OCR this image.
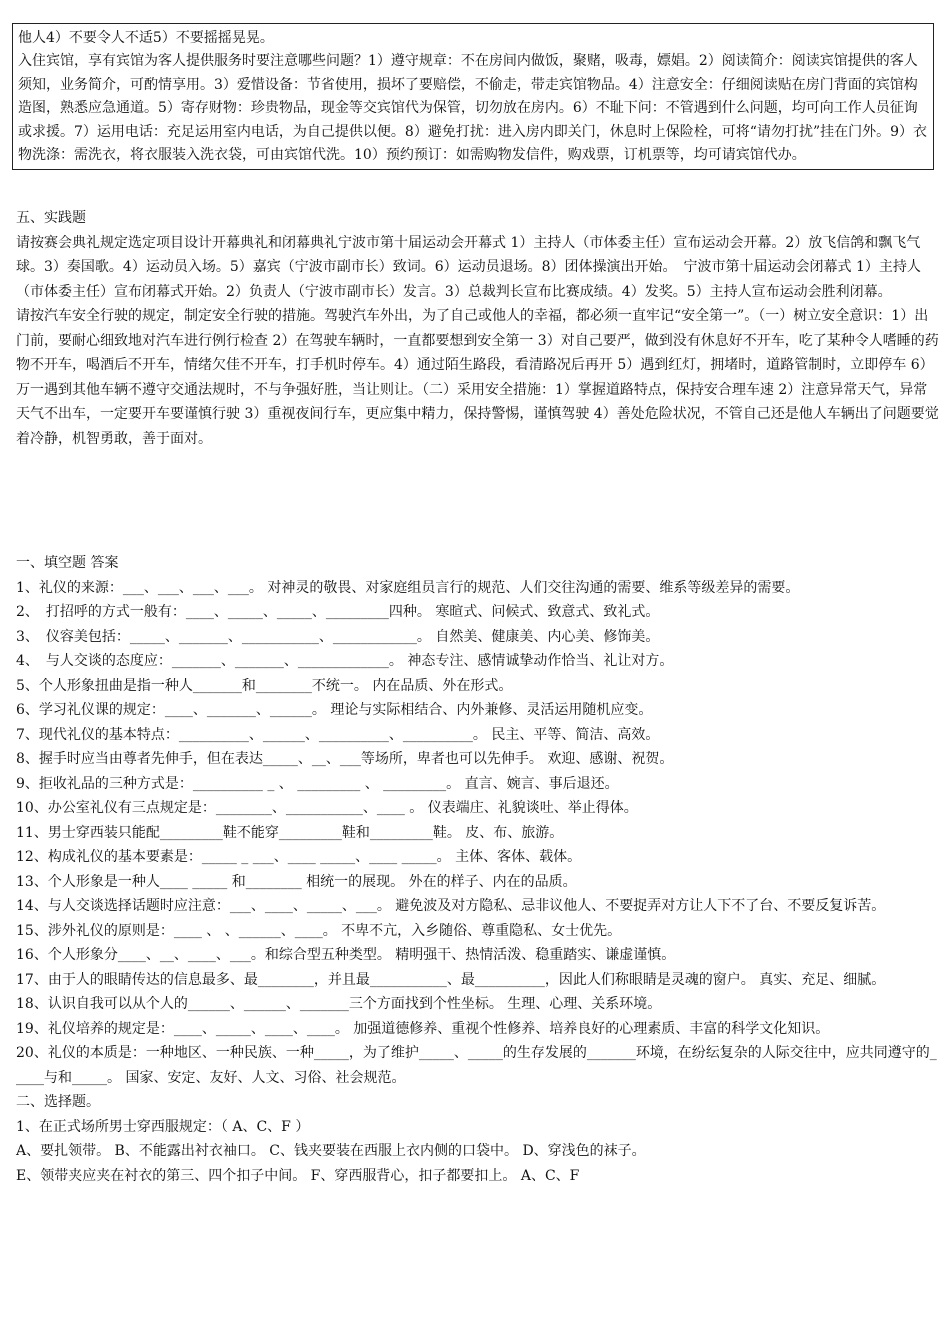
他人4）不要令人不适5）不要摇摇晃晃。

入住宾馆，享有宾馆为客人提供服务时要注意哪些问题？1）遵守规章：不在房间内做饭，聚赌，吸毒，嫖娼。2）阅读简介：阅读宾馆提供的客人须知，业务简介，可酌情享用。3）爱惜设备：节省使用，损坏了要赔偿，不偷走，带走宾馆物品。4）注意安全：仔细阅读贴在房门背面的宾馆构造图，熟悉应急通道。5）寄存财物：珍贵物品，现金等交宾馆代为保管，切勿放在房内。6）不耻下问：不管遇到什么问题，均可向工作人员征询或求援。7）运用电话：充足运用室内电话，为自己提供以便。8）避免打扰：进入房内即关门，休息时上保险栓，可将“请勿打扰”挂在门外。9）衣物洗涤：需洗衣，将衣服装入洗衣袋，可由宾馆代洗。10）预约预订：如需购物发信件，购戏票，订机票等，均可请宾馆代办。

五、实践题

请按赛会典礼规定选定项目设计开幕典礼和闭幕典礼宁波市第十届运动会开幕式 1）主持人（市体委主任）宣布运动会开幕。2）放飞信鸽和飘飞气球。3）奏国歌。4）运动员入场。5）嘉宾（宁波市副市长）致词。6）运动员退场。8）团体操演出开始。　宁波市第十届运动会闭幕式 1）主持人（市体委主任）宣布闭幕式开始。2）负责人（宁波市副市长）发言。3）总裁判长宣布比赛成绩。4）发奖。5）主持人宣布运动会胜利闭幕。

请按汽车安全行驶的规定，制定安全行驶的措施。驾驶汽车外出，为了自己或他人的幸福，都必须一直牢记“安全第一”。（一）树立安全意识：1）出门前，要耐心细致地对汽车进行例行检查 2）在驾驶车辆时，一直都要想到安全第一 3）对自己要严，做到没有休息好不开车，吃了某种令人嗜睡的药物不开车，喝酒后不开车，情绪欠佳不开车，打手机时停车。4）通过陌生路段，看清路况后再开 5）遇到红灯，拥堵时，道路管制时，立即停车 6）万一遇到其他车辆不遵守交通法规时，不与争强好胜，当让则让。（二）采用安全措施：1）掌握道路特点，保持安合理车速 2）注意异常天气，异常天气不出车，一定要开车要谨慎行驶 3）重视夜间行车，更应集中精力，保持警惕，谨慎驾驶 4）善处危险状况，不管自己还是他人车辆出了问题要觉着冷静，机智勇敢，善于面对。

一、填空题 答案

1、礼仪的来源：___、___、___、___。 对神灵的敬畏、对家庭组员言行的规范、人们交往沟通的需要、维系等级差异的需要。

2、　打招呼的方式一般有：____、_____、_____、_________四种。 寒暄式、问候式、致意式、致礼式。

3、　仪容美包括：_____、_______、___________、____________。 自然美、健康美、内心美、修饰美。

4、　与人交谈的态度应：_______、_______、_____________。 神态专注、感情诚挚动作恰当、礼让对方。

5、个人形象扭曲是指一种人_______和________不统一。 内在品质、外在形式。

6、学习礼仪课的规定：____、_______、______。 理论与实际相结合、内外兼修、灵活运用随机应变。

7、现代礼仪的基本特点：__________、______、__________、__________。 民主、平等、简洁、高效。

8、握手时应当由尊者先伸手，但在表达_____、__、___等场所，卑者也可以先伸手。 欢迎、感谢、祝贺。

9、拒收礼品的三种方式是：__________ _ 、 _________ 、 _________。 直言、婉言、事后退还。

10、办公室礼仪有三点规定是：________、___________、____ 。 仪表端庄、礼貌谈吐、举止得体。

11、男士穿西装只能配_________鞋不能穿_________鞋和_________鞋。 皮、布、旅游。

12、构成礼仪的基本要素是：_____ _ ___、____ _____、____ _____。 主体、客体、载体。

13、个人形象是一种人____ _____ 和________ 相统一的展现。 外在的样子、内在的品质。

14、与人交谈选择话题时应注意：___、____、_____、___。 避免波及对方隐私、忌非议他人、不要捉弄对方让人下不了台、不要反复诉苦。

15、涉外礼仪的原则是：____ 、 、______、____。 不卑不亢，入乡随俗、尊重隐私、女士优先。

16、个人形象分____、__、____、___。和综合型五种类型。 精明强干、热情活泼、稳重踏实、谦虚谨慎。

17、由于人的眼睛传达的信息最多、最________，并且最___________、最__________，因此人们称眼睛是灵魂的窗户。 真实、充足、细腻。

18、认识自我可以从个人的______、______、_______三个方面找到个性坐标。 生理、心理、关系环境。

19、礼仪培养的规定是：____、_____、____、____。 加强道德修养、重视个性修养、培养良好的心理素质、丰富的科学文化知识。

20、礼仪的本质是：一种地区、一种民族、一种_____，为了维护_____、_____的生存发展的_______环境，在纷纭复杂的人际交往中，应共同遵守的_____与和_____。 国家、安定、友好、人文、习俗、社会规范。

二、选择题。

1、在正式场所男士穿西服规定：（ A、C、F ）

A、要扎领带。 B、不能露出衬衣袖口。 C、钱夹要装在西服上衣内侧的口袋中。 D、穿浅色的袜子。

E、领带夹应夹在衬衣的第三、四个扣子中间。 F、穿西服背心，扣子都要扣上。 A、C、F
